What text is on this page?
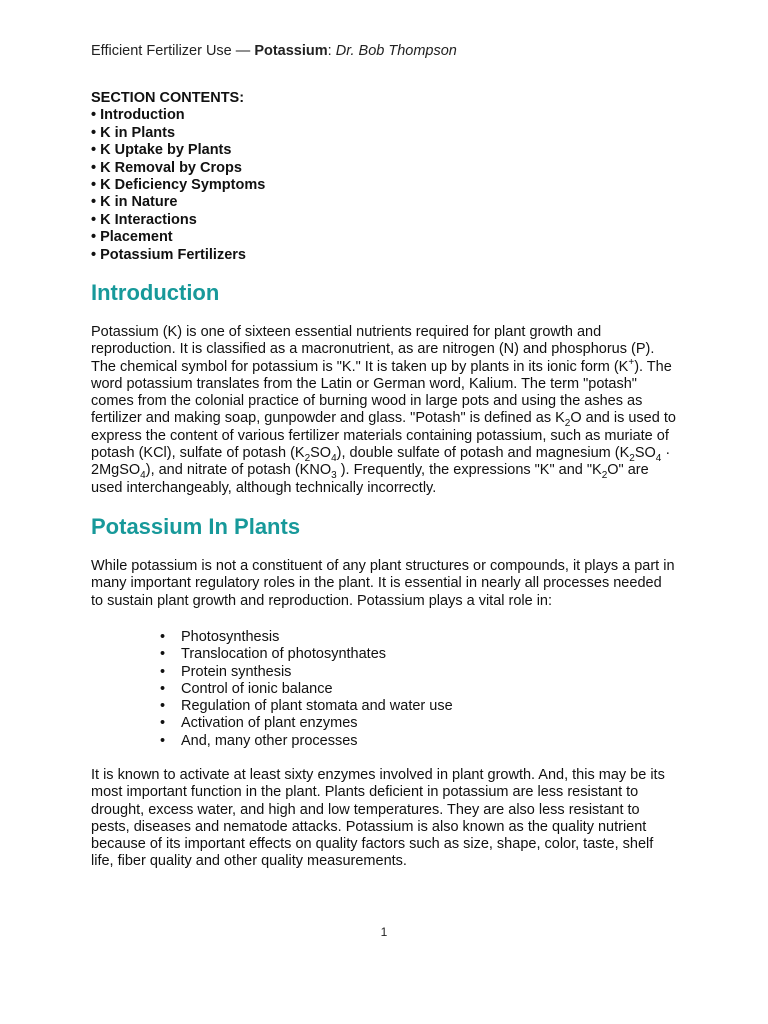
Efficient Fertilizer Use — Potassium: Dr. Bob Thompson
SECTION CONTENTS:
• Introduction
• K in Plants
• K Uptake by Plants
• K Removal by Crops
• K Deficiency Symptoms
• K in Nature
• K Interactions
• Placement
• Potassium Fertilizers
Introduction

Potassium (K) is one of sixteen essential nutrients required for plant growth and reproduction. It is classified as a macronutrient, as are nitrogen (N) and phosphorus (P). The chemical symbol for potassium is "K." It is taken up by plants in its ionic form (K+). The word potassium translates from the Latin or German word, Kalium. The term "potash" comes from the colonial practice of burning wood in large pots and using the ashes as fertilizer and making soap, gunpowder and glass. "Potash" is defined as $K_2O$ and is used to express the content of various fertilizer materials containing potassium, such as muriate of potash (KCl), sulfate of potash $(K_2SO_4)$, double sulfate of potash and magnesium ($K_2SO_4$ · 2MgSO$_4$), and nitrate of potash ($KNO_3$ ). Frequently, the expressions "K" and "$K_2O$" are used interchangeably, although technically incorrectly.

Potassium In Plants

While potassium is not a constituent of any plant structures or compounds, it plays a part in many important regulatory roles in the plant. It is essential in nearly all processes needed to sustain plant growth and reproduction. Potassium plays a vital role in:

• Photosynthesis
• Translocation of photosynthates
• Protein synthesis
• Control of ionic balance
• Regulation of plant stomata and water use
• Activation of plant enzymes
• And, many other processes

It is known to activate at least sixty enzymes involved in plant growth. And, this may be its most important function in the plant. Plants deficient in potassium are less resistant to drought, excess water, and high and low temperatures. They are also less resistant to pests, diseases and nematode attacks. Potassium is also known as the quality nutrient because of its important effects on quality factors such as size, shape, color, taste, shelf life, fiber quality and other quality measurements.

1
